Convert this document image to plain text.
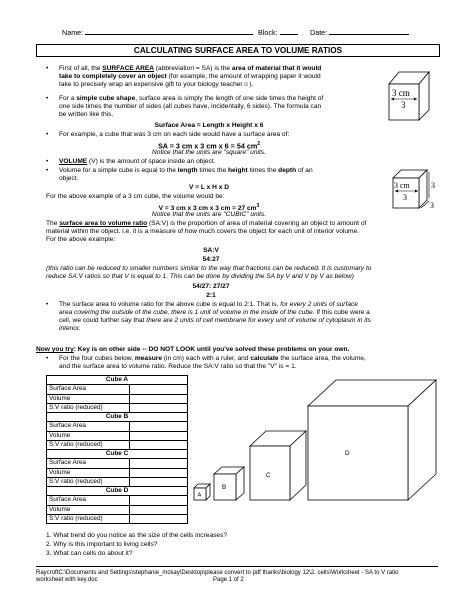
Name:	Block:	Date:
CALCULATING SURFACE AREA TO VOLUME RATIOS
• First of all, the SURFACE AREA (abbreviation = SA) is the area of material that it would
take to completely cover an object (for example, the amount of wrapping paper it would
take to precisely wrap an expensive gift to your biology teacher☺).
• For a simple cube shape, surface area is simply the length of one side times the height of
one side times the number of sides (all cubes have, incidentally, 6 sides). The formula can
be written like this.
Surface Area = Length x Height x 6
• For example, a cube that was 3 cm on each side would have a surface area of:
SA = 3 cm x 3 cm x 6 = 54 $cm^2$
Notice that the units are "square" units.
• VOLUME (V) is the amount of space inside an object.
• Volume for a simple cube is equal to the length times the height times the depth of an
object.
V = L x H x D
For the above example of a 3 cm cube, the volume would be:
V = 3 cm x 3 cm x 3 cm = 27 $cm^3$
Notice that the units are "CUBIC" units.
The surface area to volume ratio (SA:V) is the proportion of area of material covering an object to amount of
material within the object. i.e. it is a measure of how much covers the object for each unit of interior volume.
For the above example:
SA:V
54:27
(this ratio can be reduced to smaller numbers similar to the way that fractions can be reduced. It is customary to
reduce SA:V ratios so that V is equal to 1. This can be done by dividing the SA by V and V by V as below)
54/27: 27/27
2:1
• The surface area to volume ratio for the above cube is equal to 2:1. That is, for every 2 units of surface
area covering the outside of the cube, there is 1 unit of volume in the inside of the cube. If this cube were a
cell, we could further say that there are 2 units of cell membrane for every unit of volume of cytoplasm in its
interior.
3 cm
3
3 cm
3
3
3
Now you try: Key is on other side -- DO NOT LOOK until you've solved these problems on your own.
• For the four cubes below, measure (in cm) each with a ruler, and calculate the surface area, the volume,
and the surface area to volume ratio. Reduce the SA:V ratio so that the "V" is = 1.
Cube A	
Surface Area	
Volume	
S:V ratio (reduced)	
Cube B	
Surface Area	
Volume	
S:V ratio (reduced)	
Cube C	
Surface Area	
Volume	
S:V ratio (reduced)	
Cube D	
Surface Area	
Volume	
S:V ratio (reduced)	
D
C
B
A
1. What trend do you notice as the size of the cells increases?
2. Why is this important to living cells?
3. What can cells do about it?
RaycroftC:\Documents and Settings\stephanie_mckay\Desktop\please convert to pdf thanks\biology 12\2. cells\Worksheet - SA to V ratio
worksheet with key.doc	Page 1 of 2
